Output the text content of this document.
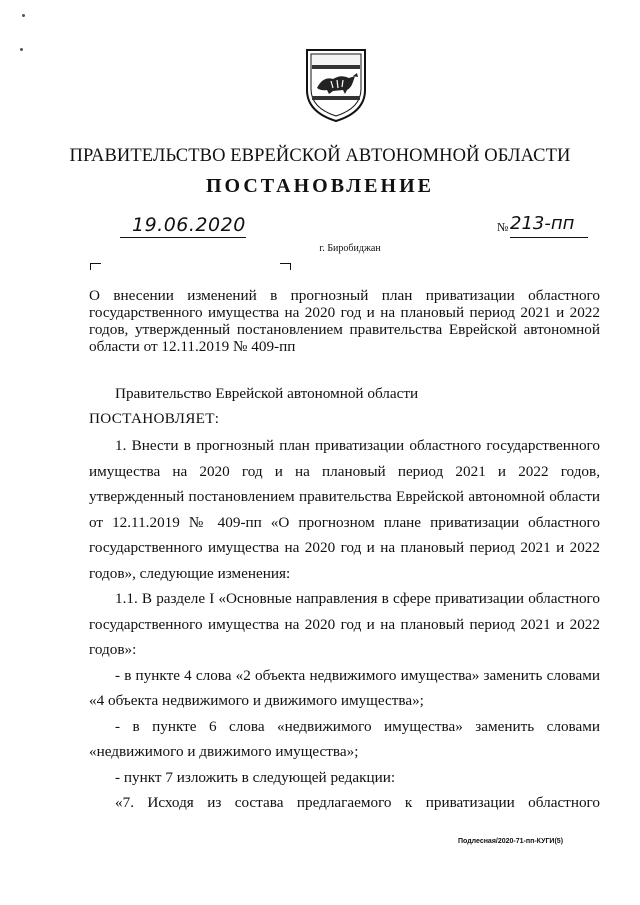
ПРАВИТЕЛЬСТВО ЕВРЕЙСКОЙ АВТОНОМНОЙ ОБЛАСТИ
ПОСТАНОВЛЕНИЕ
19.06.2020	№ 213-пп
г. Биробиджан
О внесении изменений в прогнозный план приватизации областного государственного имущества на 2020 год и на плановый период 2021 и 2022 годов, утвержденный постановлением правительства Еврейской автономной области от 12.11.2019 № 409-пп
Правительство Еврейской автономной области
ПОСТАНОВЛЯЕТ:

1. Внести в прогнозный план приватизации областного государственного имущества на 2020 год и на плановый период 2021 и 2022 годов, утвержденный постановлением правительства Еврейской автономной области от 12.11.2019 № 409-пп «О прогнозном плане приватизации областного государственного имущества на 2020 год и на плановый период 2021 и 2022 годов», следующие изменения:

1.1. В разделе I «Основные направления в сфере приватизации областного государственного имущества на 2020 год и на плановый период 2021 и 2022 годов»:

- в пункте 4 слова «2 объекта недвижимого имущества» заменить словами «4 объекта недвижимого и движимого имущества»;

- в пункте 6 слова «недвижимого имущества» заменить словами «недвижимого и движимого имущества»;

- пункт 7 изложить в следующей редакции:

«7. Исходя из состава предлагаемого к приватизации областного

Подлесная/2020-71-пп-КУГИ(5)
